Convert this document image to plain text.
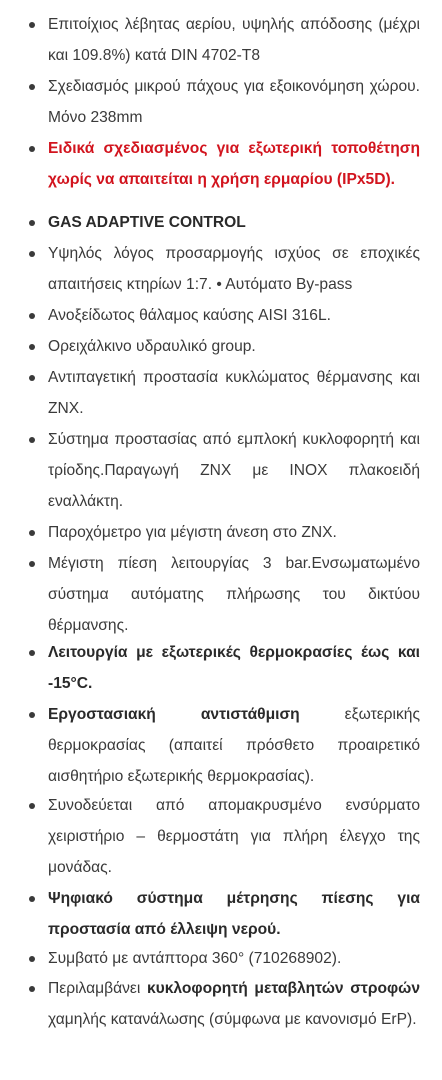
Επιτοίχιος λέβητας αερίου, υψηλής απόδοσης (μέχρι και 109.8%) κατά DIN 4702-T8
Σχεδιασμός μικρού πάχους για εξοικονόμηση χώρου. Μόνο 238mm
Ειδικά σχεδιασμένος για εξωτερική τοποθέτηση χωρίς να απαιτείται η χρήση ερμαρίου (IPx5D).
GAS ADAPTIVE CONTROL
Υψηλός λόγος προσαρμογής ισχύος σε εποχικές απαιτήσεις κτηρίων 1:7. • Αυτόματο By-pass
Ανοξείδωτος θάλαμος καύσης AISI 316L.
Ορειχάλκινο υδραυλικό group.
Αντιπαγετική προστασία κυκλώματος θέρμανσης και ΖΝΧ.
Σύστημα προστασίας από εμπλοκή κυκλοφορητή και τρίοδης.Παραγωγή ΖΝΧ με INOX πλακοειδή εναλλάκτη.
Παροχόμετρο για μέγιστη άνεση στο ΖΝΧ.
Μέγιστη πίεση λειτουργίας 3 bar.Ενσωματωμένο σύστημα αυτόματης πλήρωσης του δικτύου θέρμανσης.
Λειτουργία με εξωτερικές θερμοκρασίες έως και -15°C.
Εργοστασιακή αντιστάθμιση εξωτερικής θερμοκρασίας (απαιτεί πρόσθετο προαιρετικό αισθητήριο εξωτερικής θερμοκρασίας).
Συνοδεύεται από απομακρυσμένο ενσύρματο χειριστήριο – θερμοστάτη για πλήρη έλεγχο της μονάδας.
Ψηφιακό σύστημα μέτρησης πίεσης για προστασία από έλλειψη νερού.
Συμβατό με αντάπτορα 360° (710268902).
Περιλαμβάνει κυκλοφορητή μεταβλητών στροφών χαμηλής κατανάλωσης (σύμφωνα με κανονισμό ErP).
